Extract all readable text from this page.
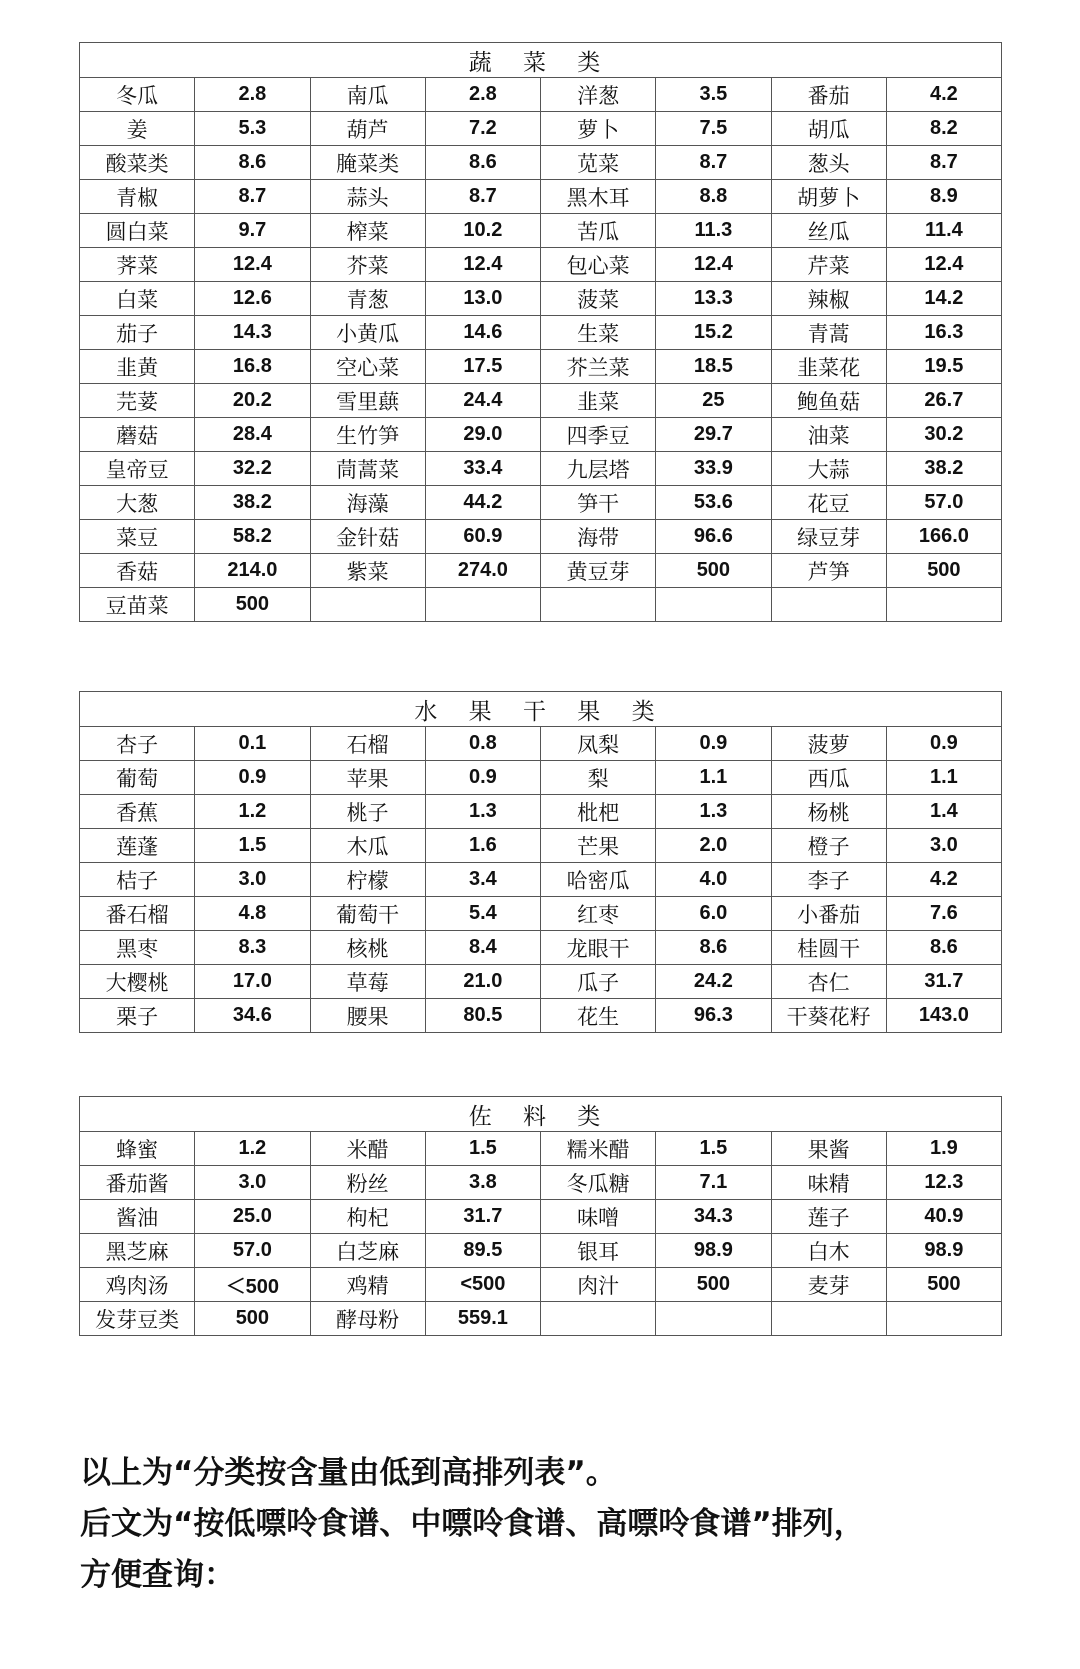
蔬 菜 类							
冬瓜	2.8	南瓜	2.8	洋葱	3.5	番茄	4.2
姜	5.3	葫芦	7.2	萝卜	7.5	胡瓜	8.2
酸菜类	8.6	腌菜类	8.6	苋菜	8.7	葱头	8.7
青椒	8.7	蒜头	8.7	黑木耳	8.8	胡萝卜	8.9
圆白菜	9.7	榨菜	10.2	苦瓜	11.3	丝瓜	11.4
荠菜	12.4	芥菜	12.4	包心菜	12.4	芹菜	12.4
白菜	12.6	青葱	13.0	菠菜	13.3	辣椒	14.2
茄子	14.3	小黄瓜	14.6	生菜	15.2	青蒿	16.3
韭黄	16.8	空心菜	17.5	芥兰菜	18.5	韭菜花	19.5
芫荽	20.2	雪里蕻	24.4	韭菜	25	鲍鱼菇	26.7
蘑菇	28.4	生竹笋	29.0	四季豆	29.7	油菜	30.2
皇帝豆	32.2	茼蒿菜	33.4	九层塔	33.9	大蒜	38.2
大葱	38.2	海藻	44.2	笋干	53.6	花豆	57.0
菜豆	58.2	金针菇	60.9	海带	96.6	绿豆芽	166.0
香菇	214.0	紫菜	274.0	黄豆芽	500	芦笋	500
豆苗菜	500						
水 果 干 果 类							
杏子	0.1	石榴	0.8	凤梨	0.9	菠萝	0.9
葡萄	0.9	苹果	0.9	梨	1.1	西瓜	1.1
香蕉	1.2	桃子	1.3	枇杷	1.3	杨桃	1.4
莲蓬	1.5	木瓜	1.6	芒果	2.0	橙子	3.0
桔子	3.0	柠檬	3.4	哈密瓜	4.0	李子	4.2
番石榴	4.8	葡萄干	5.4	红枣	6.0	小番茄	7.6
黑枣	8.3	核桃	8.4	龙眼干	8.6	桂圆干	8.6
大樱桃	17.0	草莓	21.0	瓜子	24.2	杏仁	31.7
栗子	34.6	腰果	80.5	花生	96.3	干葵花籽	143.0
佐 料 类							
蜂蜜	1.2	米醋	1.5	糯米醋	1.5	果酱	1.9
番茄酱	3.0	粉丝	3.8	冬瓜糖	7.1	味精	12.3
酱油	25.0	枸杞	31.7	味噌	34.3	莲子	40.9
黑芝麻	57.0	白芝麻	89.5	银耳	98.9	白木	98.9
鸡肉汤	＜500	鸡精	<500	肉汁	500	麦芽	500
发芽豆类	500	酵母粉	559.1				
以上为“分类按含量由低到高排列表”。
后文为“按低嘌呤食谱、中嘌呤食谱、高嘌呤食谱”排列，
方便查询：
